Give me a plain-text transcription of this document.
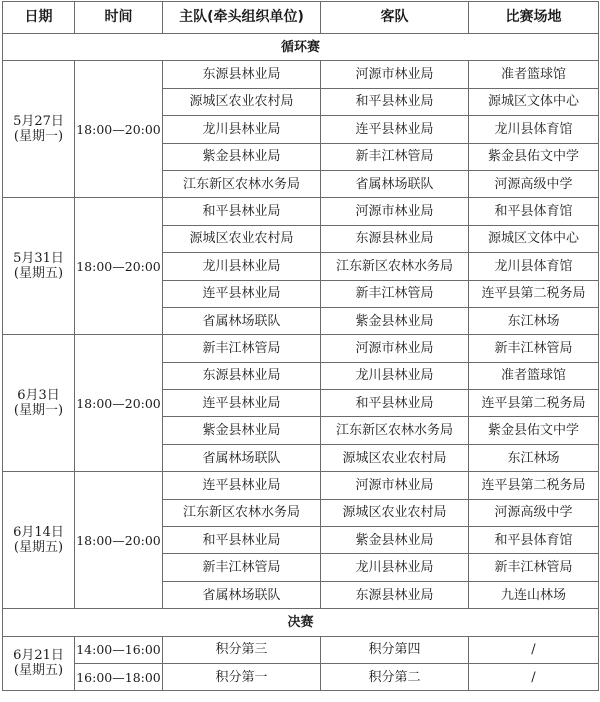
日期	时间	主队(牵头组织单位)	客队	比赛场地
循环赛				

5月27日
(星期一)	18:00—20:00	东源县林业局	河源市林业局	准者篮球馆
		源城区农业农村局	和平县林业局	源城区文体中心
		龙川县林业局	连平县林业局	龙川县体育馆
		紫金县林业局	新丰江林管局	紫金县佑文中学
		江东新区农林水务局	省属林场联队	河源高级中学

5月31日
(星期五)	18:00—20:00	和平县林业局	河源市林业局	和平县体育馆
		源城区农业农村局	东源县林业局	源城区文体中心
		龙川县林业局	江东新区农林水务局	龙川县体育馆
		连平县林业局	新丰江林管局	连平县第二税务局
		省属林场联队	紫金县林业局	东江林场

6月3日
(星期一)	18:00—20:00	新丰江林管局	河源市林业局	新丰江林管局
		东源县林业局	龙川县林业局	准者篮球馆
		连平县林业局	和平县林业局	连平县第二税务局
		紫金县林业局	江东新区农林水务局	紫金县佑文中学
		省属林场联队	源城区农业农村局	东江林场

6月14日
(星期五)	18:00—20:00	连平县林业局	河源市林业局	连平县第二税务局
		江东新区农林水务局	源城区农业农村局	河源高级中学
		和平县林业局	紫金县林业局	和平县体育馆
		新丰江林管局	龙川县林业局	新丰江林管局
		省属林场联队	东源县林业局	九连山林场
决赛				

6月21日
(星期五)	14:00—16:00	积分第三	积分第四	/
	16:00—18:00	积分第一	积分第二	/
